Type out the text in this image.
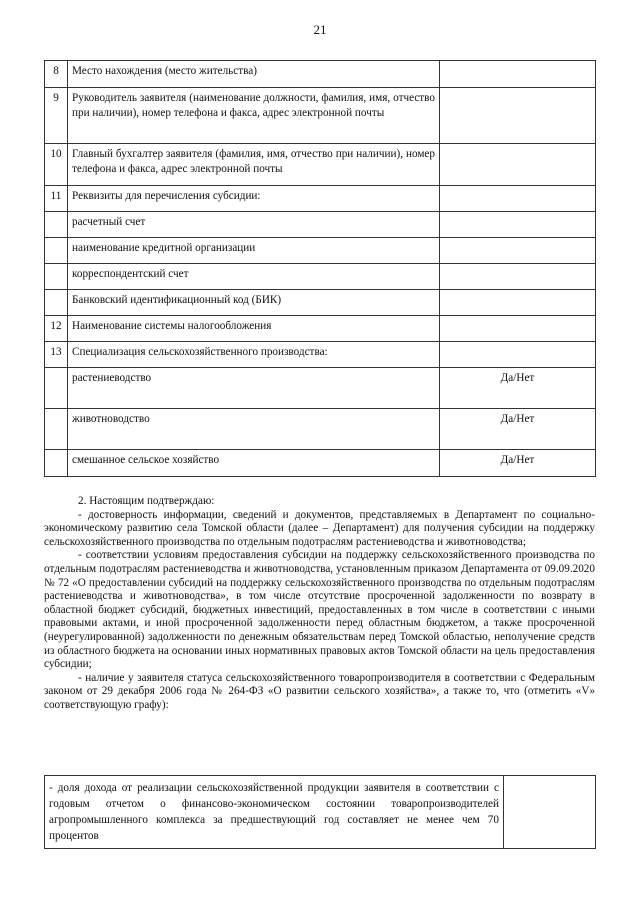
21
8	Место нахождения (место жительства)	
9	Руководитель заявителя (наименование должности, фамилия, имя, отчество при наличии), номер телефона и факса, адрес электронной почты	
10	Главный бухгалтер заявителя (фамилия, имя, отчество при наличии), номер телефона и факса, адрес электронной почты	
11	Реквизиты для перечисления субсидии:	
	расчетный счет	
	наименование кредитной организации	
	корреспондентский счет	
	Банковский идентификационный код (БИК)	
12	Наименование системы налогообложения	
13	Специализация сельскохозяйственного производства:	
	растениеводство	Да/Нет
	животноводство	Да/Нет
	смешанное сельское хозяйство	Да/Нет

2. Настоящим подтверждаю:

- достоверность информации, сведений и документов, представляемых в Департамент по социально-экономическому развитию села Томской области (далее – Департамент) для получения субсидии на поддержку сельскохозяйственного производства по отдельным подотраслям растениеводства и животноводства;

- соответствии условиям предоставления субсидии на поддержку сельскохозяйственного производства по отдельным подотраслям растениеводства и животноводства, установленным приказом Департамента от 09.09.2020 № 72 «О предоставлении субсидий на поддержку сельскохозяйственного производства по отдельным подотраслям растениеводства и животноводства», в том числе отсутствие просроченной задолженности по возврату в областной бюджет субсидий, бюджетных инвестиций, предоставленных в том числе в соответствии с иными правовыми актами, и иной просроченной задолженности перед областным бюджетом, а также просроченной (неурегулированной) задолженности по денежным обязательствам перед Томской областью, неполучение средств из областного бюджета на основании иных нормативных правовых актов Томской области на цель предоставления субсидии;

- наличие у заявителя статуса сельскохозяйственного товаропроизводителя в соответствии с Федеральным законом от 29 декабря 2006 года № 264-ФЗ «О развитии сельского хозяйства», а также то, что (отметить «V» соответствующую графу):

- доля дохода от реализации сельскохозяйственной продукции заявителя в соответствии с годовым отчетом о финансово-экономическом состоянии товаропроизводителей агропромышленного комплекса за предшествующий год составляет не менее чем 70 процентов	
